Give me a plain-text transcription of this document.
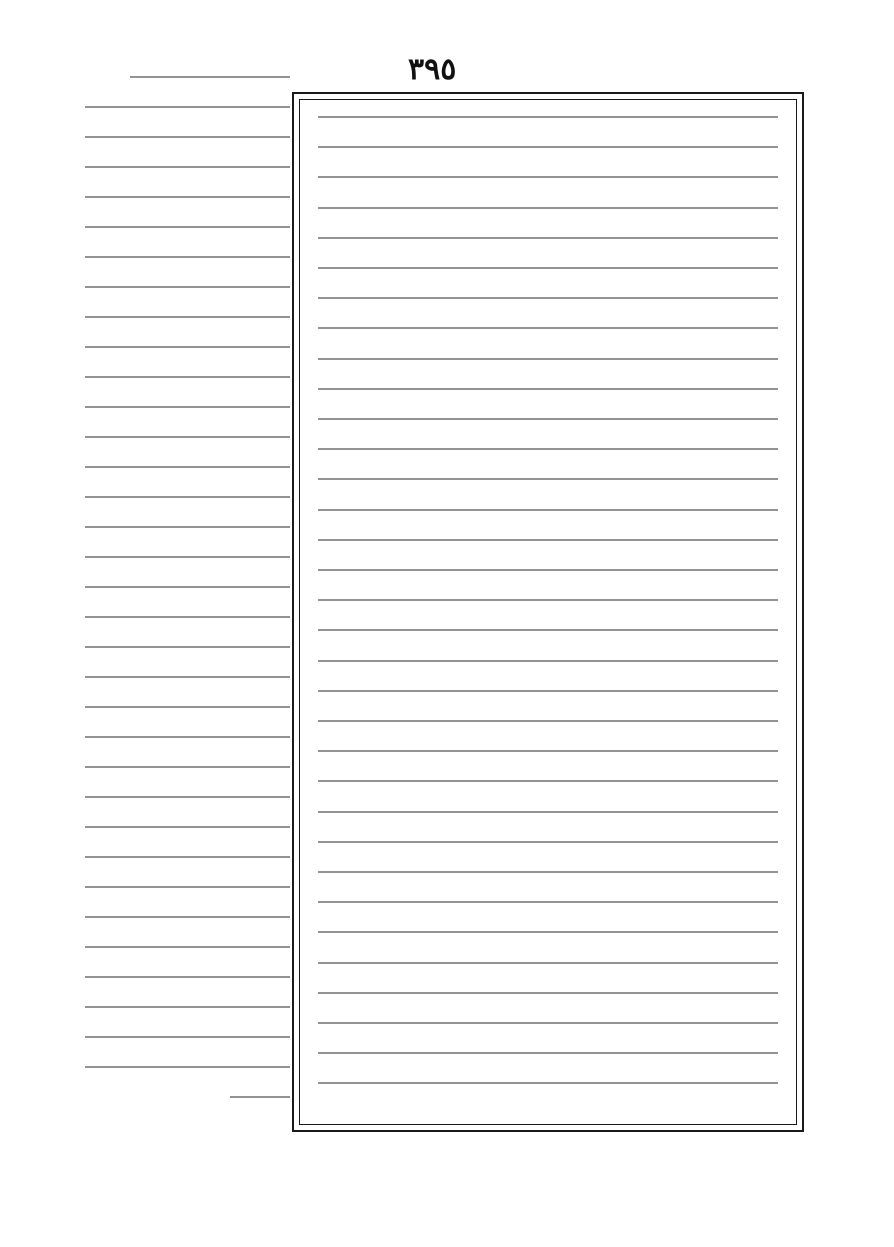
٣٩٥
